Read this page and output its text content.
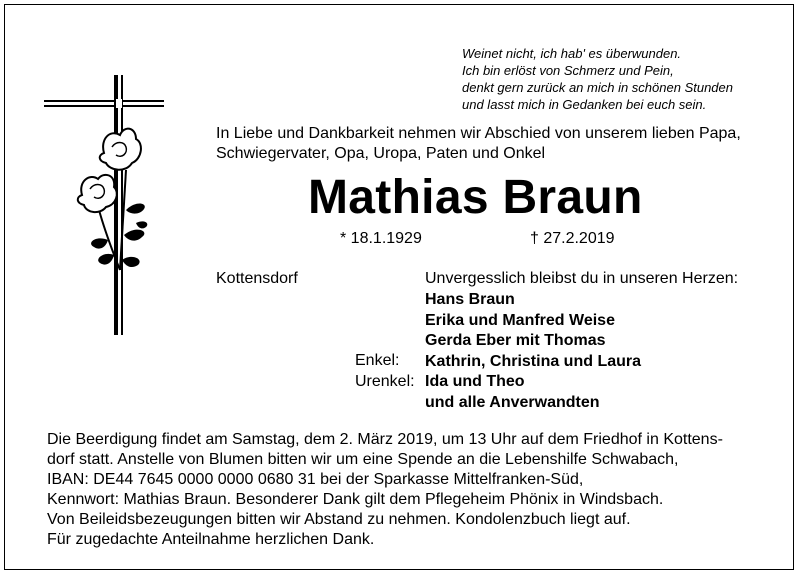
Weinet nicht, ich hab' es überwunden.
Ich bin erlöst von Schmerz und Pein,
denkt gern zurück an mich in schönen Stunden
und lasst mich in Gedanken bei euch sein.
In Liebe und Dankbarkeit nehmen wir Abschied von unserem lieben Papa,
Schwiegervater, Opa, Uropa, Paten und Onkel
Mathias Braun
* 18.1.1929	† 27.2.2019
Kottensdorf	Unvergesslich bleibst du in unseren Herzen:
Hans Braun
Erika und Manfred Weise
Gerda Eber mit Thomas
Kathrin, Christina und Laura
Ida und Theo
und alle Anverwandten
Enkel:
Urenkel:
Die Beerdigung findet am Samstag, dem 2. März 2019, um 13 Uhr auf dem Friedhof in Kottens-
dorf statt. Anstelle von Blumen bitten wir um eine Spende an die Lebenshilfe Schwabach,
IBAN: DE44 7645 0000 0000 0680 31 bei der Sparkasse Mittelfranken-Süd,
Kennwort: Mathias Braun. Besonderer Dank gilt dem Pflegeheim Phönix in Windsbach.
Von Beileidsbezeugungen bitten wir Abstand zu nehmen. Kondolenzbuch liegt auf.
Für zugedachte Anteilnahme herzlichen Dank.
